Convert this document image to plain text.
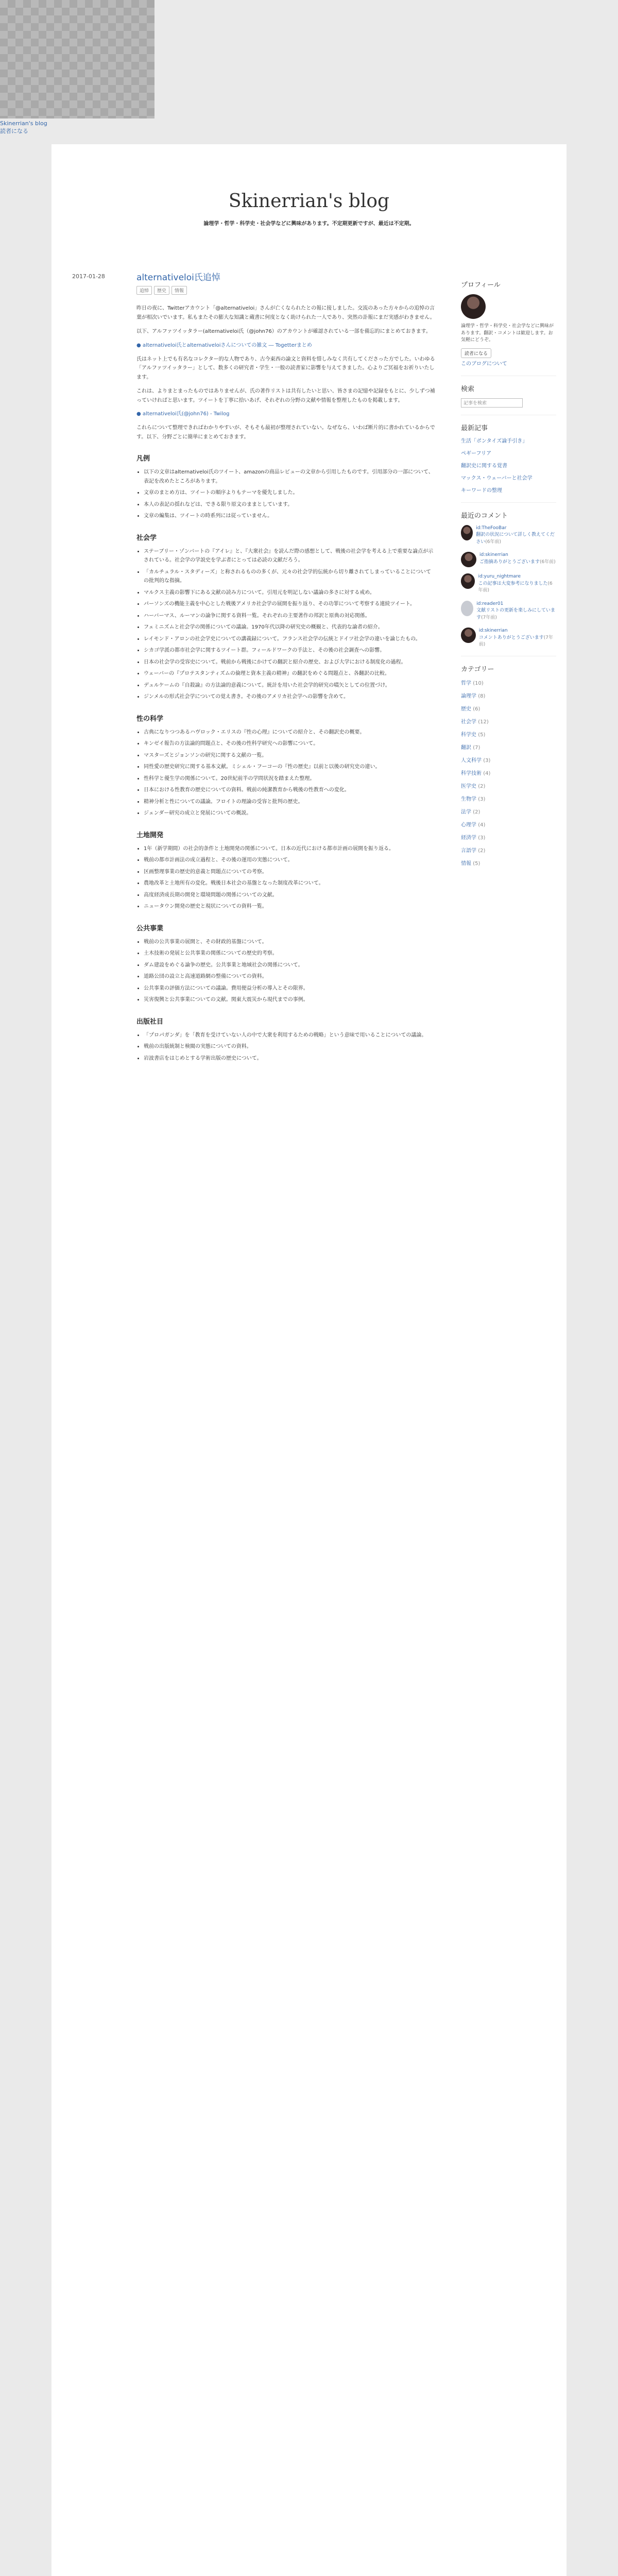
Skinerrian's blog
読者になる
Skinerrian's blog
論理学・哲学・科学史・社会学などに興味があります。不定期更新ですが、最近は不定期。
2017-01-28	alternativeloi氏追悼
追悼	歴史	情報

昨日の夜に、Twitterアカウント「@alternativeloi」さんが亡くなられたとの報に接しました。交流のあった方々からの追悼の言葉が相次いでいます。私もまたその膨大な知識と蔵書に何度となく助けられた一人であり、突然の訃報にまだ実感がわきません。

以下、アルファツイッタラー(alternativeloi氏（@john76）のアカウントが確認されている一部を備忘的にまとめておきます。

● alternativeloi氏とalternativeloiさんについての雑文 ― Togetterまとめ

氏はネット上でも有名なコレクター的な人物であり、古今東西の論文と資料を惜しみなく共有してくださった方でした。いわゆる「アルファツイッタラー」として、数多くの研究者・学生・一般の読書家に影響を与えてきました。心よりご冥福をお祈りいたします。

これは、よりまとまったものではありませんが、氏の著作リストは共有したいと思い、皆さまの記憶や記録をもとに、少しずつ補っていければと思います。ツイートを丁寧に拾いあげ、それぞれの分野の文献や情報を整理したものを掲載します。

● alternativeloi氏(@john76) - Twilog

これらについて整理できればわかりやすいが、そもそも最初が整理されていない。なぜなら、いわば断片的に書かれているからです。以下、分野ごとに簡単にまとめておきます。

凡例
• 以下の文章はalternativeloi氏のツイート、amazonの商品レビューの文章から引用したものです。引用部分の一部について、表記を改めたところがあります。
• 文章のまとめ方は、ツイートの順序よりもテーマを優先しました。
• 本人の表記の揺れなどは、できる限り原文のままとしています。
• 文章の編集は、ツイートの時系列には従っていません。
社会学
• ステーブリー・ゾンバートの『アイレ』と、『大衆社会』を読んだ際の感想として、戦後の社会学を考える上で重要な論点が示されている。社会学の学説史を学ぶ者にとっては必読の文献だろう。
• 「カルチュラル・スタディーズ」と称されるものの多くが、元々の社会学的伝統から切り離されてしまっていることについての批判的な指摘。
• マルクス主義の影響下にある文献の読み方について。引用元を明記しない議論の多さに対する戒め。
• パーソンズの機能主義を中心とした戦後アメリカ社会学の展開を振り返り、その功罪について考察する連続ツイート。
• ハーバーマス、ルーマンの論争に関する資料一覧。それぞれの主要著作の邦訳と原典の対応関係。
• フェミニズムと社会学の関係についての議論。1970年代以降の研究史の概観と、代表的な論者の紹介。
• レイモンド・アロンの社会学史についての講義録について。フランス社会学の伝統とドイツ社会学の違いを論じたもの。
• シカゴ学派の都市社会学に関するツイート群。フィールドワークの手法と、その後の社会調査への影響。
• 日本の社会学の受容史について。戦前から戦後にかけての翻訳と紹介の歴史、および大学における制度化の過程。
• ウェーバーの『プロテスタンティズムの倫理と資本主義の精神』の翻訳をめぐる問題点と、各翻訳の比較。
• デュルケームの『自殺論』の方法論的意義について。統計を用いた社会学的研究の嚆矢としての位置づけ。
• ジンメルの形式社会学についての覚え書き。その後のアメリカ社会学への影響を含めて。
性の科学
• 古典になりつつあるハヴロック・エリスの『性の心理』についての紹介と、その翻訳史の概要。
• キンゼイ報告の方法論的問題点と、その後の性科学研究への影響について。
• マスターズとジョンソンの研究に関する文献の一覧。
• 同性愛の歴史研究に関する基本文献。ミシェル・フーコーの『性の歴史』以前と以後の研究史の違い。
• 性科学と優生学の関係について。20世紀前半の学問状況を踏まえた整理。
• 日本における性教育の歴史についての資料。戦前の純潔教育から戦後の性教育への変化。
• 精神分析と性についての議論。フロイトの理論の受容と批判の歴史。
• ジェンダー研究の成立と発展についての概説。
土地開発
• 1年（新学期間）の社会的条件と土地開発の関係について。日本の近代における都市計画の展開を振り返る。
• 戦前の都市計画法の成立過程と、その後の運用の実態について。
• 区画整理事業の歴史的意義と問題点についての考察。
• 農地改革と土地所有の変化。戦後日本社会の基盤となった制度改革について。
• 高度経済成長期の開発と環境問題の関係についての文献。
• ニュータウン開発の歴史と現状についての資料一覧。
公共事業
• 戦前の公共事業の展開と、その財政的基盤について。
• 土木技術の発展と公共事業の関係についての歴史的考察。
• ダム建設をめぐる論争の歴史。公共事業と地域社会の関係について。
• 道路公団の設立と高速道路網の整備についての資料。
• 公共事業の評価方法についての議論。費用便益分析の導入とその限界。
• 災害復興と公共事業についての文献。関東大震災から現代までの事例。
出版社目
• 「プロパガンダ」を「教育を受けていない人の中で大衆を利用するための戦略」という意味で用いることについての議論。
• 戦前の出版統制と検閲の実態についての資料。
• 岩波書店をはじめとする学術出版の歴史について。
プロフィール
論理学・哲学・科学史・社会学などに興味があります。翻訳・コメントは歓迎します。お気軽にどうぞ。
読者になる
このブログについて
検索
記事を検索
最新記事
生活「ポンタイズ論手引き」
ペギーフリア
翻訳史に関する覚書
マックス・ウェーバーと社会学
キーワードの整理
最近のコメント
id:TheFooBar
翻訳の状況について詳しく教えてください(6年前)
id:skinerrian
ご指摘ありがとうございます(6年前)
id:yuru_nightmare
この記事は大変参考になりました(6年前)
id:reader01
文献リストの更新を楽しみにしています(7年前)
id:skinerrian
コメントありがとうございます(7年前)
カテゴリー
哲学 (10)
論理学 (8)
歴史 (6)
社会学 (12)
科学史 (5)
翻訳 (7)
人文科学 (3)
科学技術 (4)
医学史 (2)
生物学 (3)
法学 (2)
心理学 (4)
経済学 (3)
言語学 (2)
情報 (5)
